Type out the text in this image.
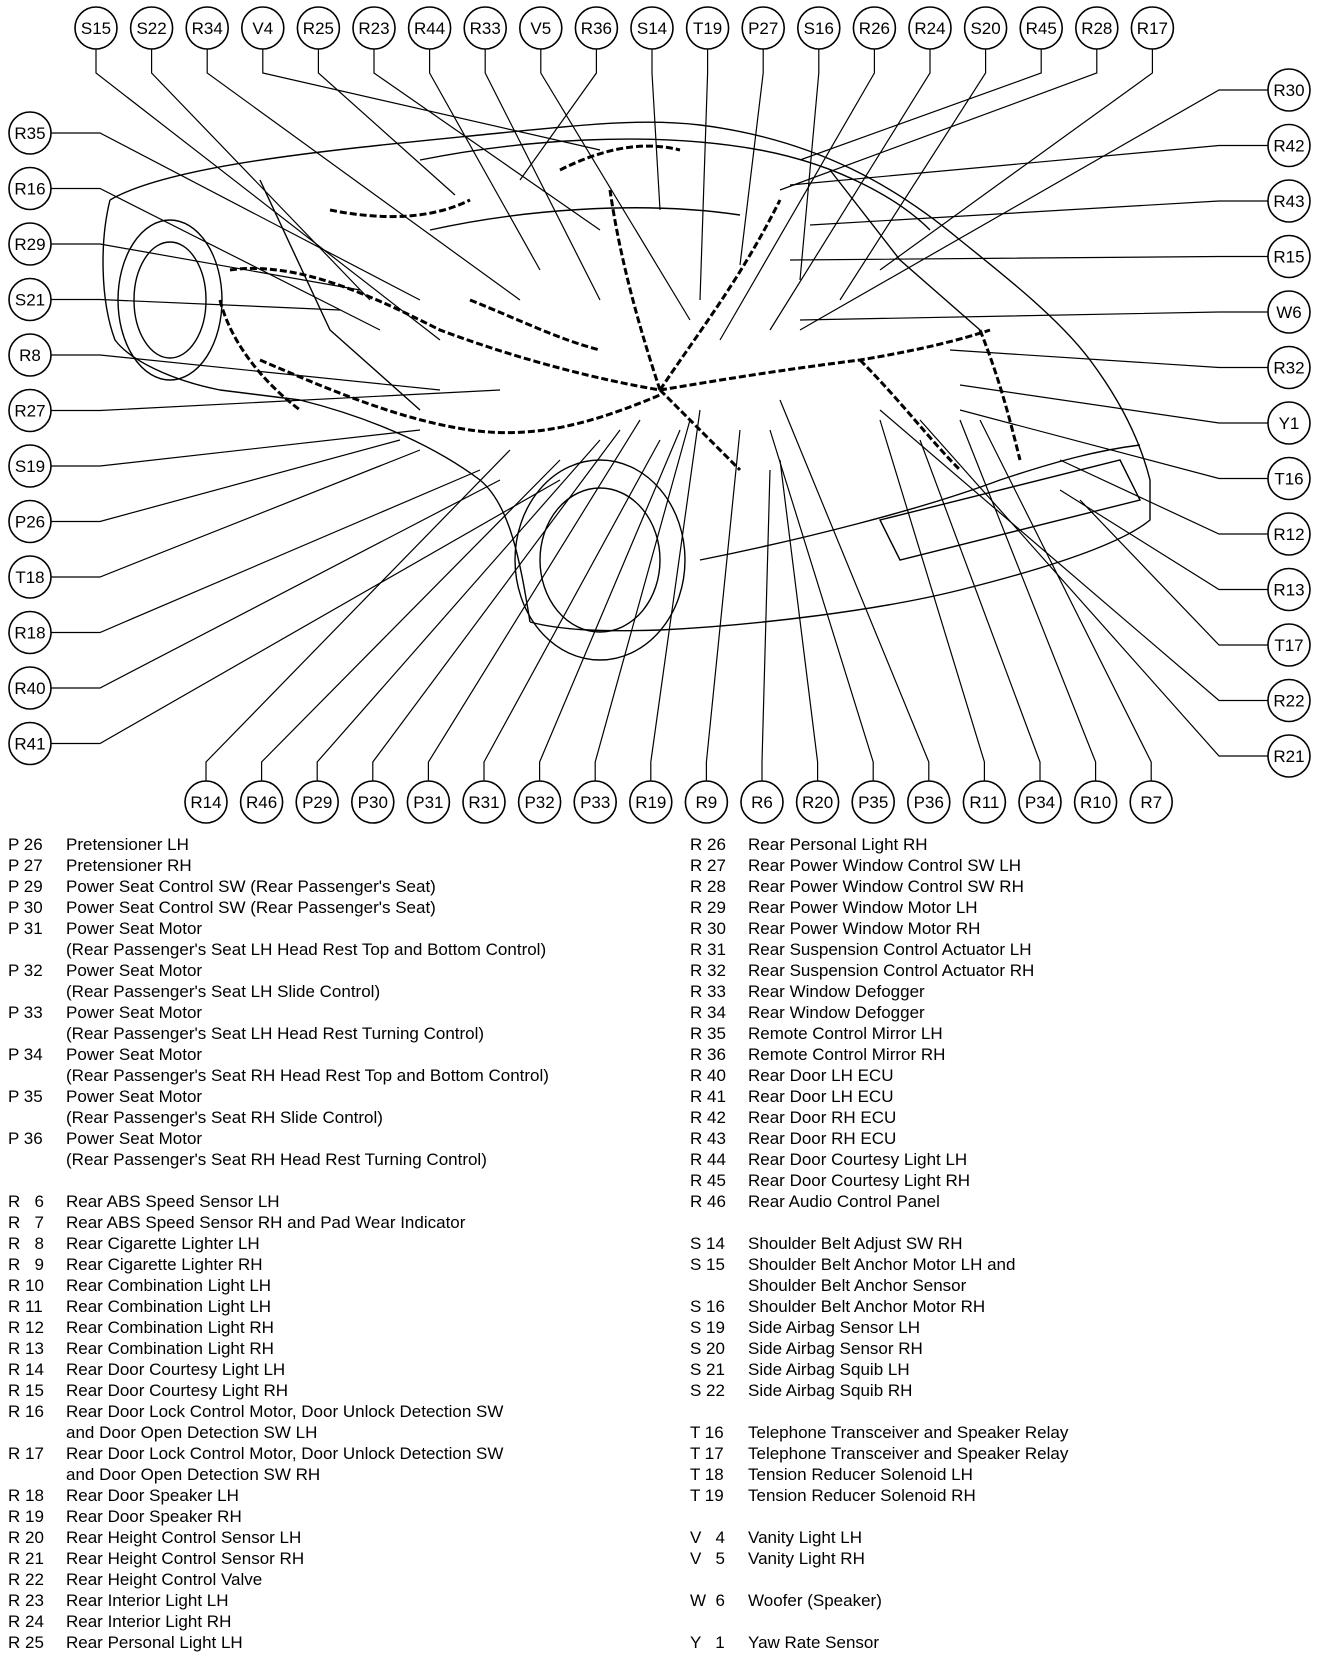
S15 S22 R34 V4 R25 R23 R44 R33 V5 R36 S14 T19 P27 S16 R26 R24 S20 R45 R28 R17
R35
R16
R29
S21
R8
R27
S19
P26
T18
R18
R40
R41
R30
R42
R43
R15
W6
R32
Y1
T16
R12
R13
T17
R22
R21
R14 R46 P29 P30 P31 R31 P32 P33 R19 R9 R6 R20 P35 P36 R11 P34 R10 R7
P 26	Pretensioner LH
P 27	Pretensioner RH
P 29	Power Seat Control SW (Rear Passenger's Seat)
P 30	Power Seat Control SW (Rear Passenger's Seat)
P 31	Power Seat Motor
(Rear Passenger's Seat LH Head Rest Top and Bottom Control)
P 32	Power Seat Motor
(Rear Passenger's Seat LH Slide Control)
P 33	Power Seat Motor
(Rear Passenger's Seat LH Head Rest Turning Control)
P 34	Power Seat Motor
(Rear Passenger's Seat RH Head Rest Top and Bottom Control)
P 35	Power Seat Motor
(Rear Passenger's Seat RH Slide Control)
P 36	Power Seat Motor
(Rear Passenger's Seat RH Head Rest Turning Control)
R   6	Rear ABS Speed Sensor LH
R   7	Rear ABS Speed Sensor RH and Pad Wear Indicator
R   8	Rear Cigarette Lighter LH
R   9	Rear Cigarette Lighter RH
R 10	Rear Combination Light LH
R 11	Rear Combination Light LH
R 12	Rear Combination Light RH
R 13	Rear Combination Light RH
R 14	Rear Door Courtesy Light LH
R 15	Rear Door Courtesy Light RH
R 16	Rear Door Lock Control Motor, Door Unlock Detection SW
and Door Open Detection SW LH
R 17	Rear Door Lock Control Motor, Door Unlock Detection SW
and Door Open Detection SW RH
R 18	Rear Door Speaker LH
R 19	Rear Door Speaker RH
R 20	Rear Height Control Sensor LH
R 21	Rear Height Control Sensor RH
R 22	Rear Height Control Valve
R 23	Rear Interior Light LH
R 24	Rear Interior Light RH
R 25	Rear Personal Light LH
R 26	Rear Personal Light RH
R 27	Rear Power Window Control SW LH
R 28	Rear Power Window Control SW RH
R 29	Rear Power Window Motor LH
R 30	Rear Power Window Motor RH
R 31	Rear Suspension Control Actuator LH
R 32	Rear Suspension Control Actuator RH
R 33	Rear Window Defogger
R 34	Rear Window Defogger
R 35	Remote Control Mirror LH
R 36	Remote Control Mirror RH
R 40	Rear Door LH ECU
R 41	Rear Door LH ECU
R 42	Rear Door RH ECU
R 43	Rear Door RH ECU
R 44	Rear Door Courtesy Light LH
R 45	Rear Door Courtesy Light RH
R 46	Rear Audio Control Panel
S 14	Shoulder Belt Adjust SW RH
S 15	Shoulder Belt Anchor Motor LH and
Shoulder Belt Anchor Sensor
S 16	Shoulder Belt Anchor Motor RH
S 19	Side Airbag Sensor LH
S 20	Side Airbag Sensor RH
S 21	Side Airbag Squib LH
S 22	Side Airbag Squib RH
T 16	Telephone Transceiver and Speaker Relay
T 17	Telephone Transceiver and Speaker Relay
T 18	Tension Reducer Solenoid LH
T 19	Tension Reducer Solenoid RH
V   4	Vanity Light LH
V   5	Vanity Light RH
W  6	Woofer (Speaker)
Y   1	Yaw Rate Sensor
